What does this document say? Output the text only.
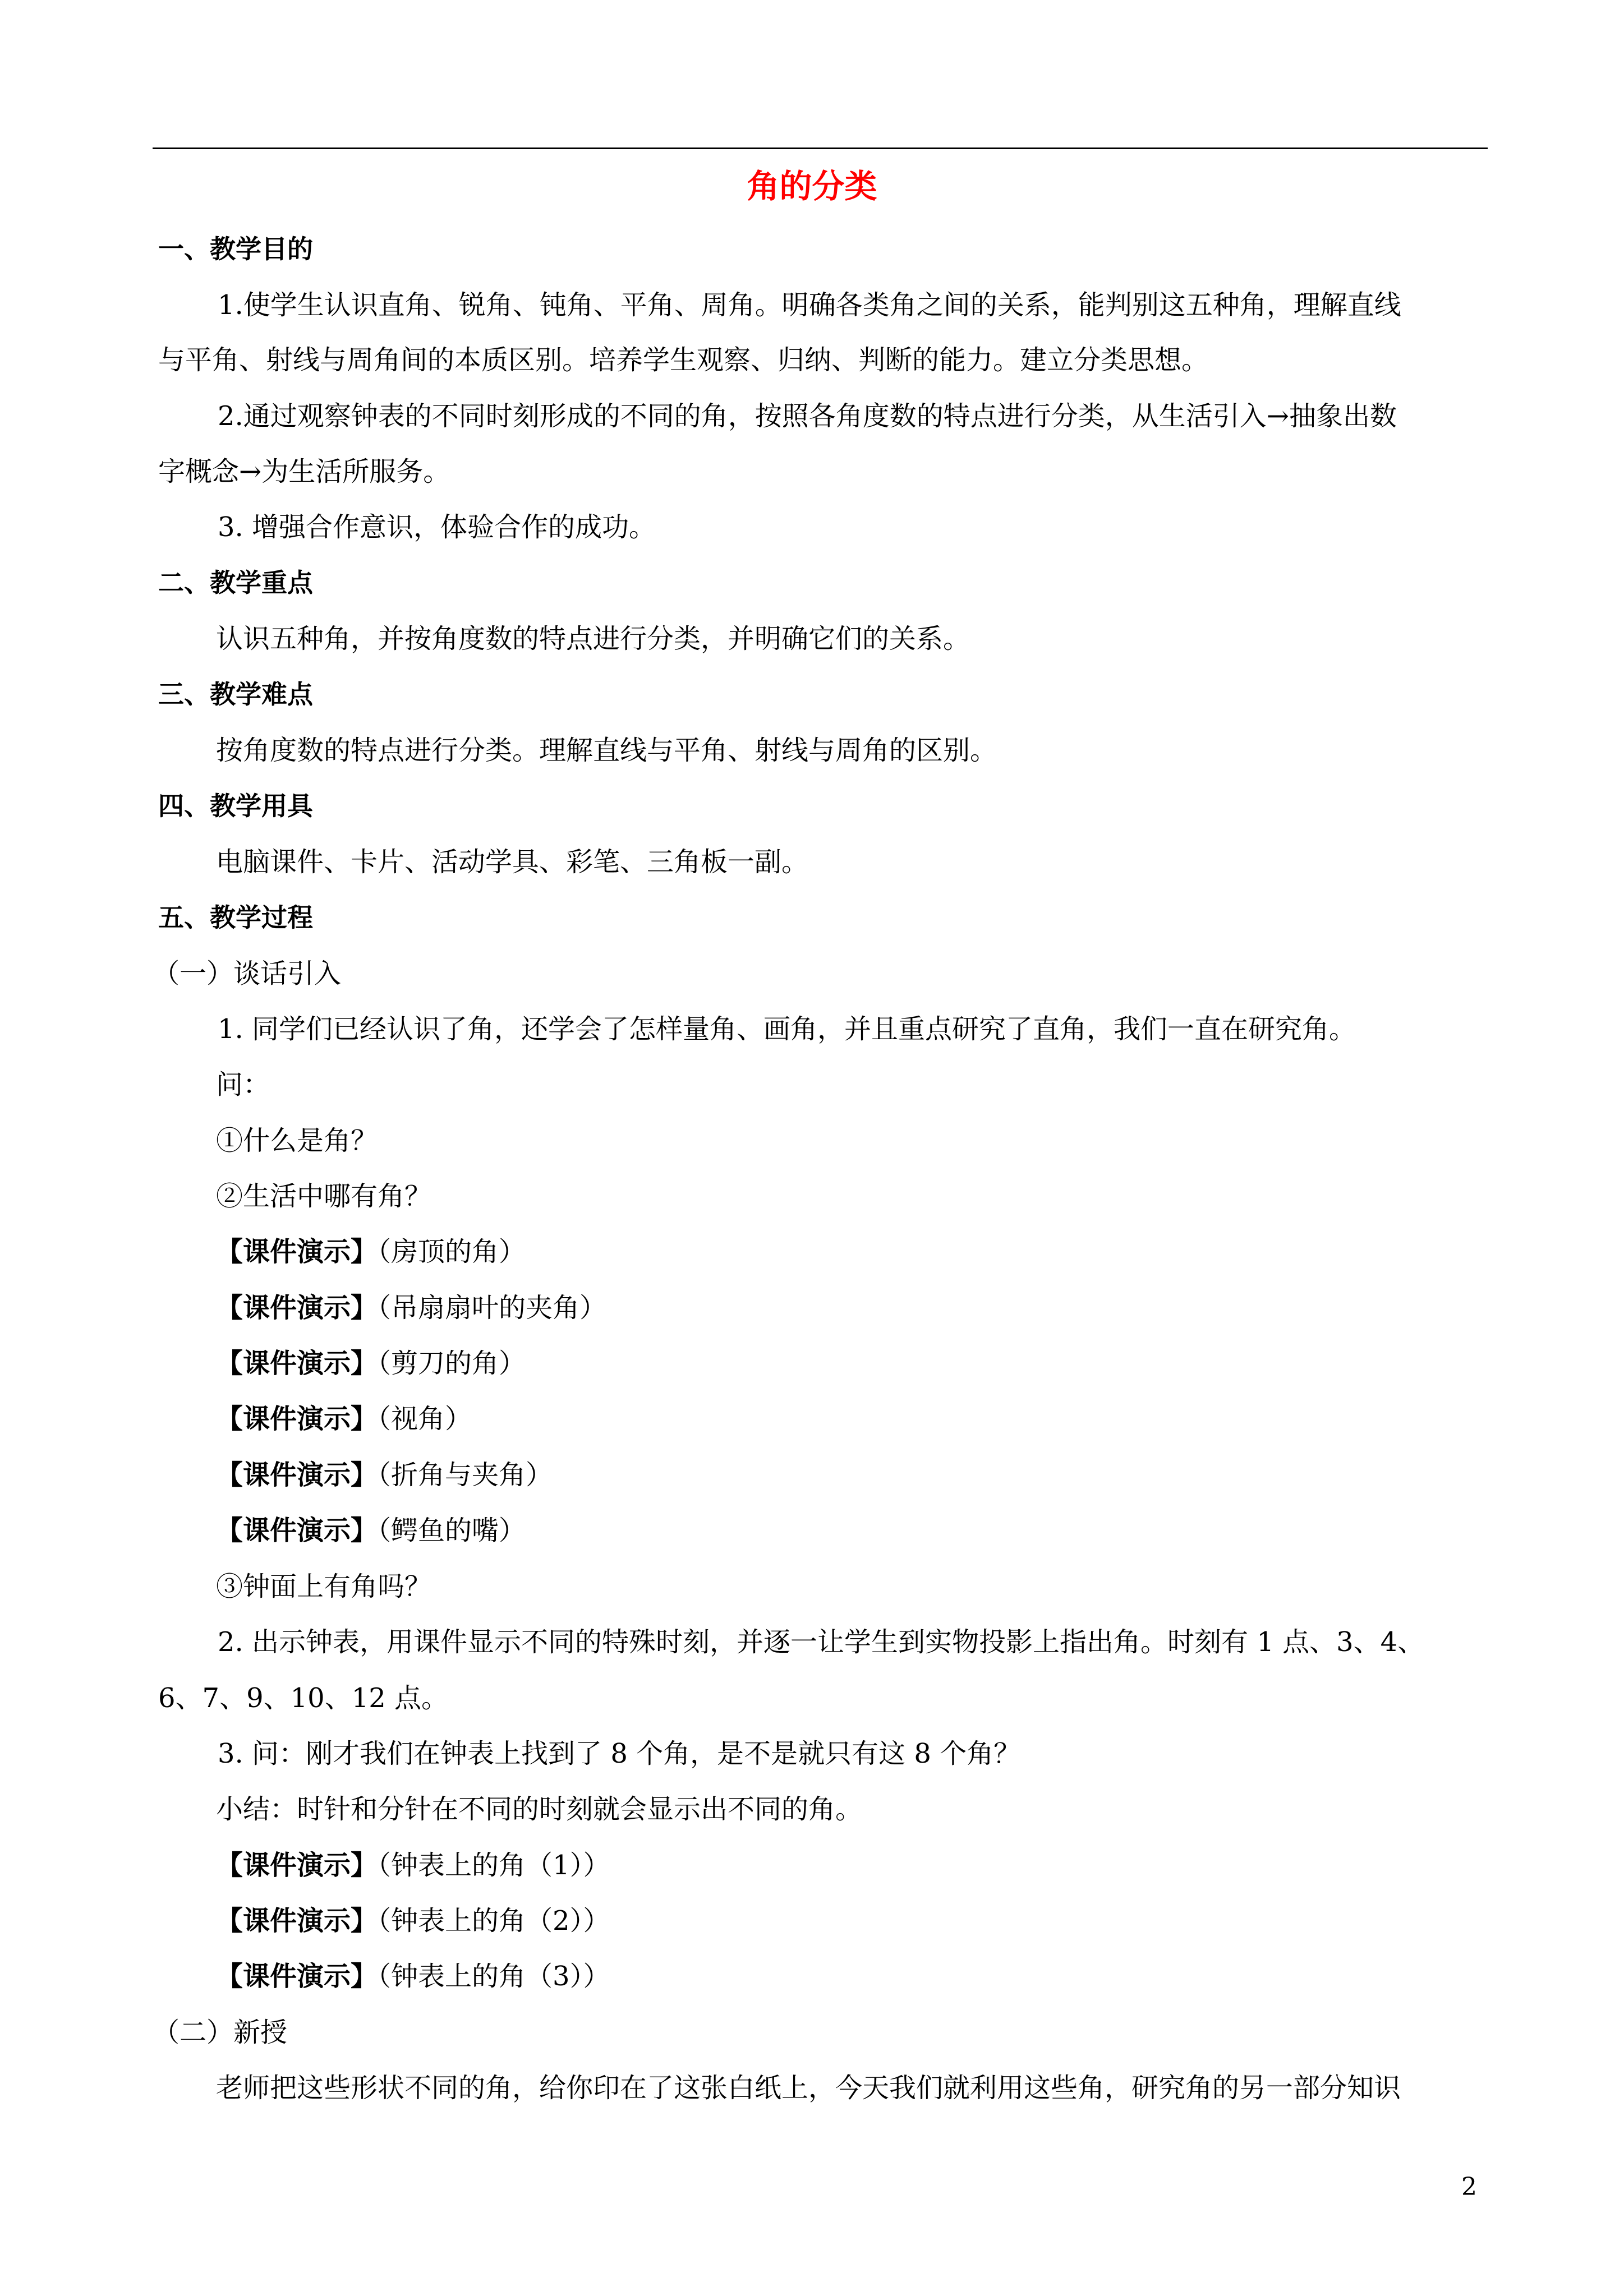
角的分类
一、教学目的
1.使学生认识直角、锐角、钝角、平角、周角。明确各类角之间的关系，能判别这五种角，理解直线
与平角、射线与周角间的本质区别。培养学生观察、归纳、判断的能力。建立分类思想。
2.通过观察钟表的不同时刻形成的不同的角，按照各角度数的特点进行分类，从生活引入→抽象出数
字概念→为生活所服务。
3. 增强合作意识，体验合作的成功。
二、教学重点
认识五种角，并按角度数的特点进行分类，并明确它们的关系。
三、教学难点
按角度数的特点进行分类。理解直线与平角、射线与周角的区别。
四、教学用具
电脑课件、卡片、活动学具、彩笔、三角板一副。
五、教学过程
（一）谈话引入
1. 同学们已经认识了角，还学会了怎样量角、画角，并且重点研究了直角，我们一直在研究角。
问：
①什么是角？
②生活中哪有角？
【课件演示】（房顶的角）
【课件演示】（吊扇扇叶的夹角）
【课件演示】（剪刀的角）
【课件演示】（视角）
【课件演示】（折角与夹角）
【课件演示】（鳄鱼的嘴）
③钟面上有角吗？
2. 出示钟表，用课件显示不同的特殊时刻，并逐一让学生到实物投影上指出角。时刻有 1 点、3、4、
6、7、9、10、12 点。
3. 问：刚才我们在钟表上找到了 8 个角，是不是就只有这 8 个角？
小结：时针和分针在不同的时刻就会显示出不同的角。
【课件演示】（钟表上的角（1））
【课件演示】（钟表上的角（2））
【课件演示】（钟表上的角（3））
（二）新授
老师把这些形状不同的角，给你印在了这张白纸上，今天我们就利用这些角，研究角的另一部分知识
2
